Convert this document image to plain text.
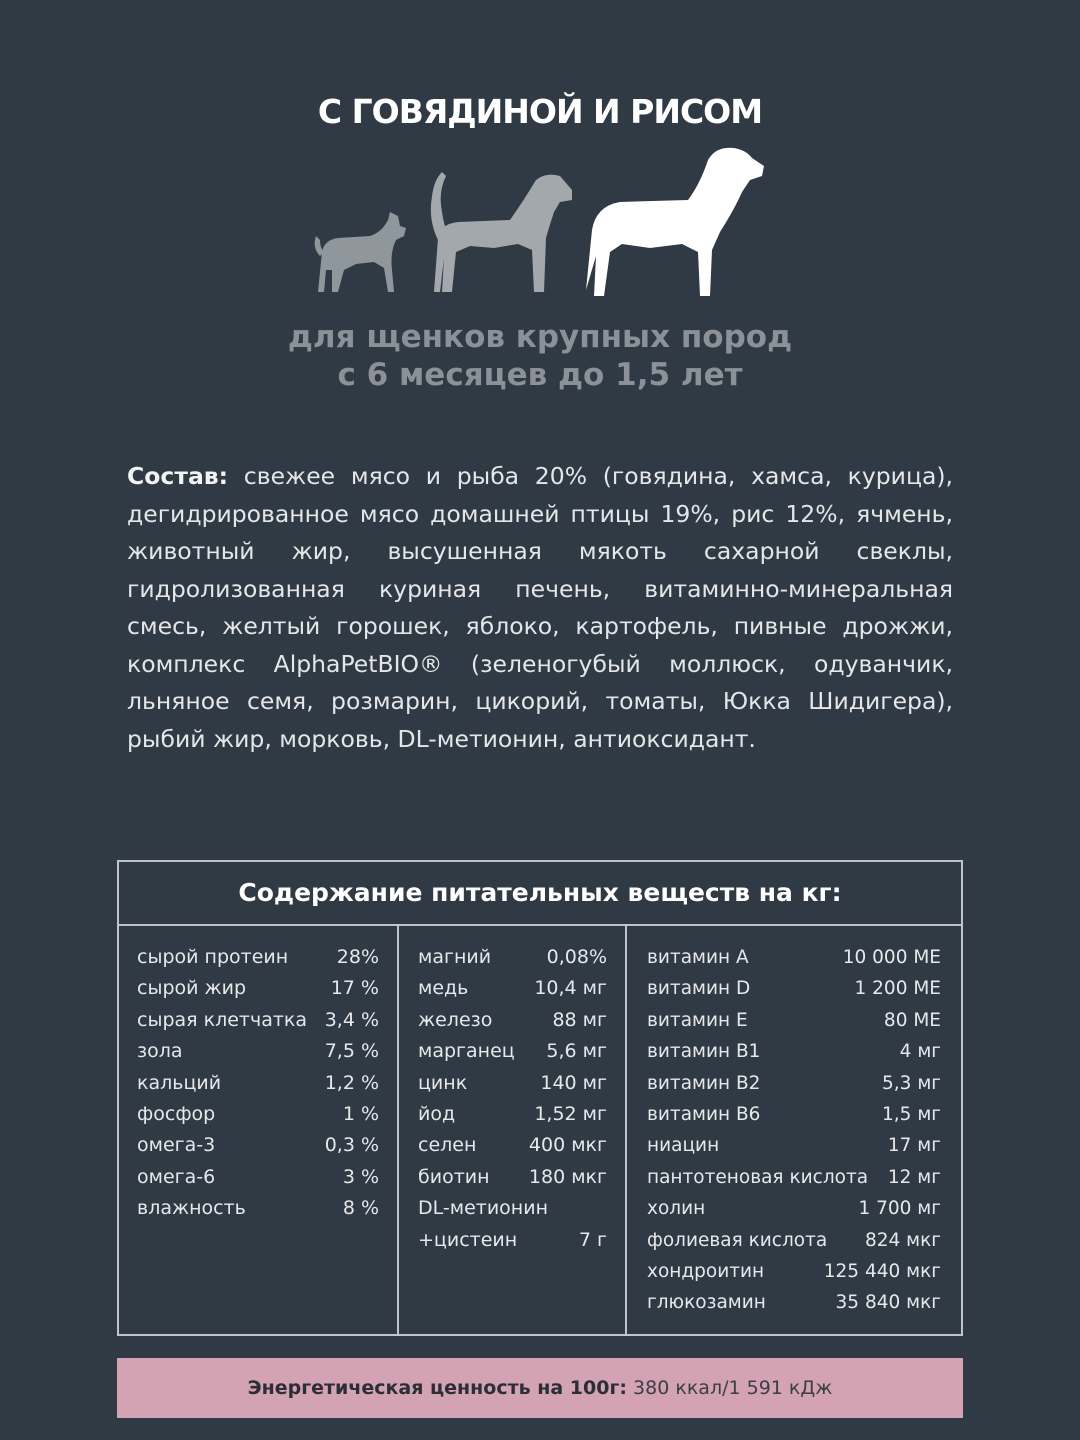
С ГОВЯДИНОЙ И РИСОМ
для щенков крупных пород
с 6 месяцев до 1,5 лет
Состав: свежее мясо и рыба 20% (говядина, хамса, курица), дегидрированное мясо домашней птицы 19%, рис 12%, ячмень, животный жир, высушенная мякоть сахарной свеклы, гидролизованная куриная печень, витаминно-минеральная смесь, желтый горошек, яблоко, картофель, пивные дрожжи, комплекс AlphaPetBIO® (зеленогубый моллюск, одуванчик, льняное семя, розмарин, цикорий, томаты, Юкка Шидигера), рыбий жир, морковь, DL-метионин, антиоксидант.
Содержание питательных веществ на кг:
сырой протеин	28%
сырой жир	17 %
сырая клетчатка 3,4 %
зола	7,5 %
кальций	1,2 %
фосфор	1 %
омега-3	0,3 %
омега-6	3 %
влажность	8 %
магний	0,08%
медь	10,4 мг
железо	88 мг
марганец 5,6 мг
цинк	140 мг
йод	1,52 мг
селен	400 мкг
биотин 180 мкг
DL-метионин
+цистеин	7 г
витамин А	10 000 МЕ
витамин D	1 200 МЕ
витамин Е	80 МЕ
витамин В1	4 мг
витамин В2	5,3 мг
витамин В6	1,5 мг
ниацин	17 мг
пантотеновая кислота 12 мг
холин	1 700 мг
фолиевая кислота 824 мкг
хондроитин	125 440 мкг
глюкозамин	35 840 мкг
Энергетическая ценность на 100г: 380 ккал/1 591 кДж
